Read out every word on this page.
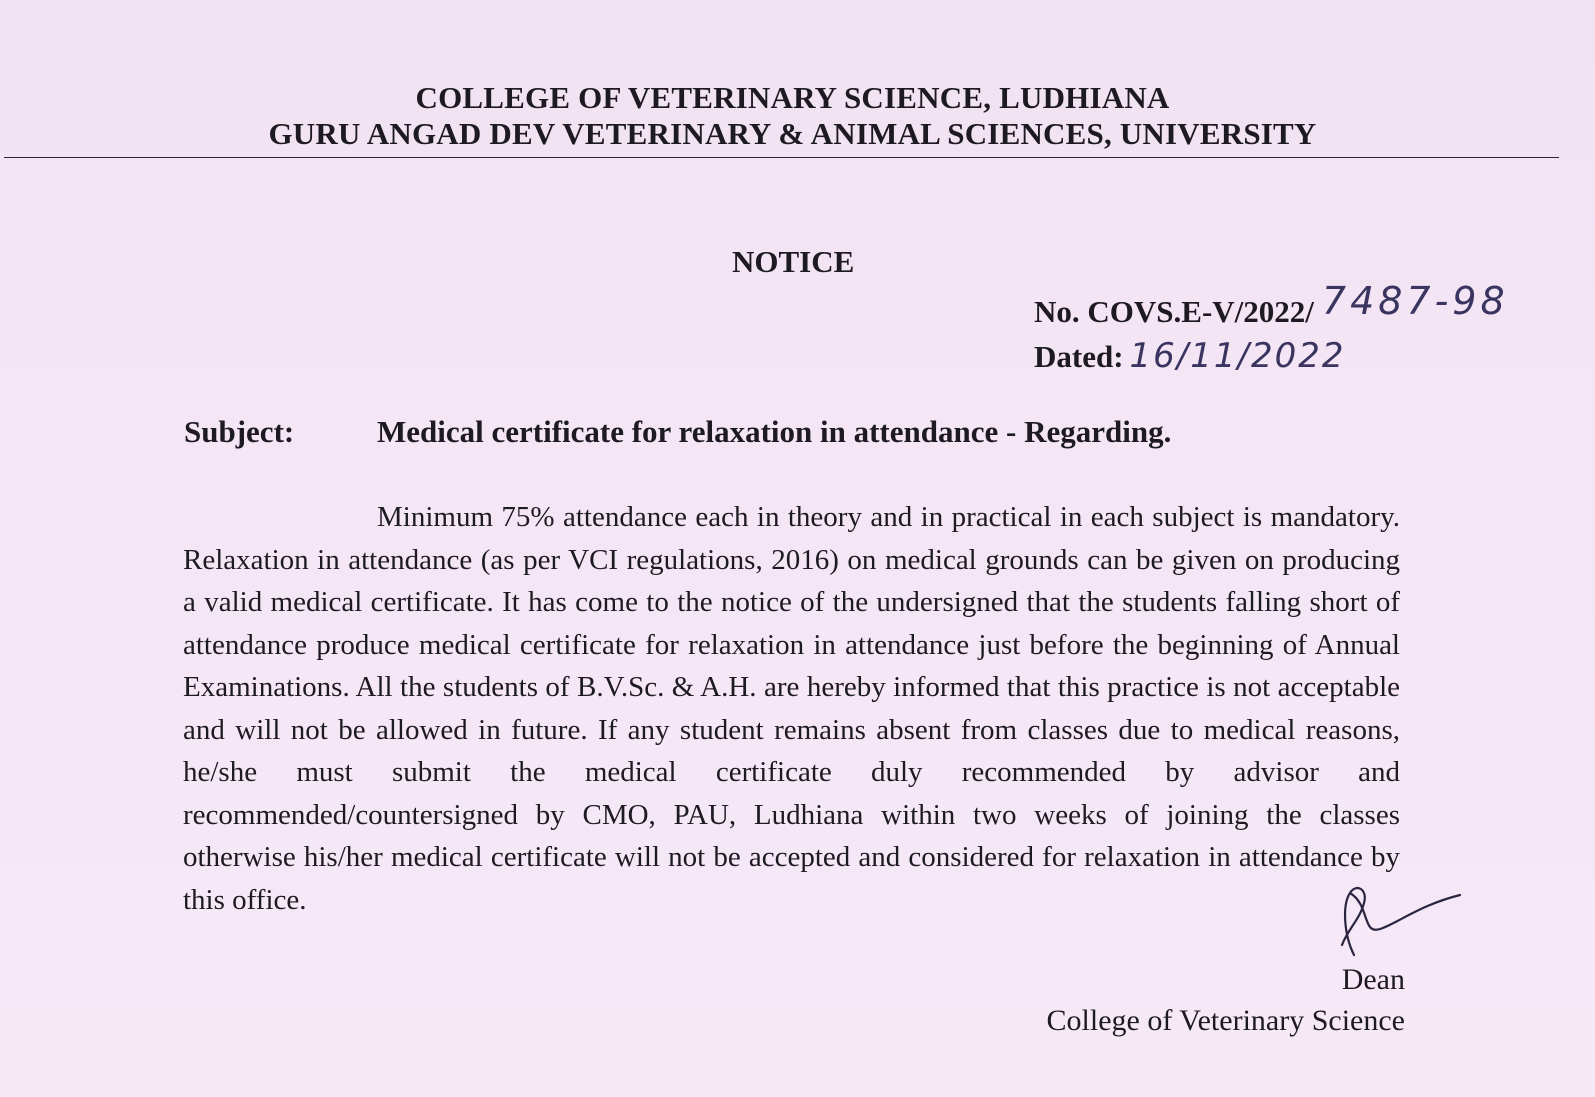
COLLEGE OF VETERINARY SCIENCE, LUDHIANA
GURU ANGAD DEV VETERINARY & ANIMAL SCIENCES, UNIVERSITY
NOTICE
No. COVS.E-V/2022/ 7487-98
Dated: 16/11/2022
Subject:	Medical certificate for relaxation in attendance - Regarding.

Minimum 75% attendance each in theory and in practical in each subject is mandatory. Relaxation in attendance (as per VCI regulations, 2016) on medical grounds can be given on producing a valid medical certificate. It has come to the notice of the undersigned that the students falling short of attendance produce medical certificate for relaxation in attendance just before the beginning of Annual Examinations. All the students of B.V.Sc. & A.H. are hereby informed that this practice is not acceptable and will not be allowed in future. If any student remains absent from classes due to medical reasons, he/she must submit the medical certificate duly recommended by advisor and recommended/countersigned by CMO, PAU, Ludhiana within two weeks of joining the classes otherwise his/her medical certificate will not be accepted and considered for relaxation in attendance by this office.

Dean
College of Veterinary Science
